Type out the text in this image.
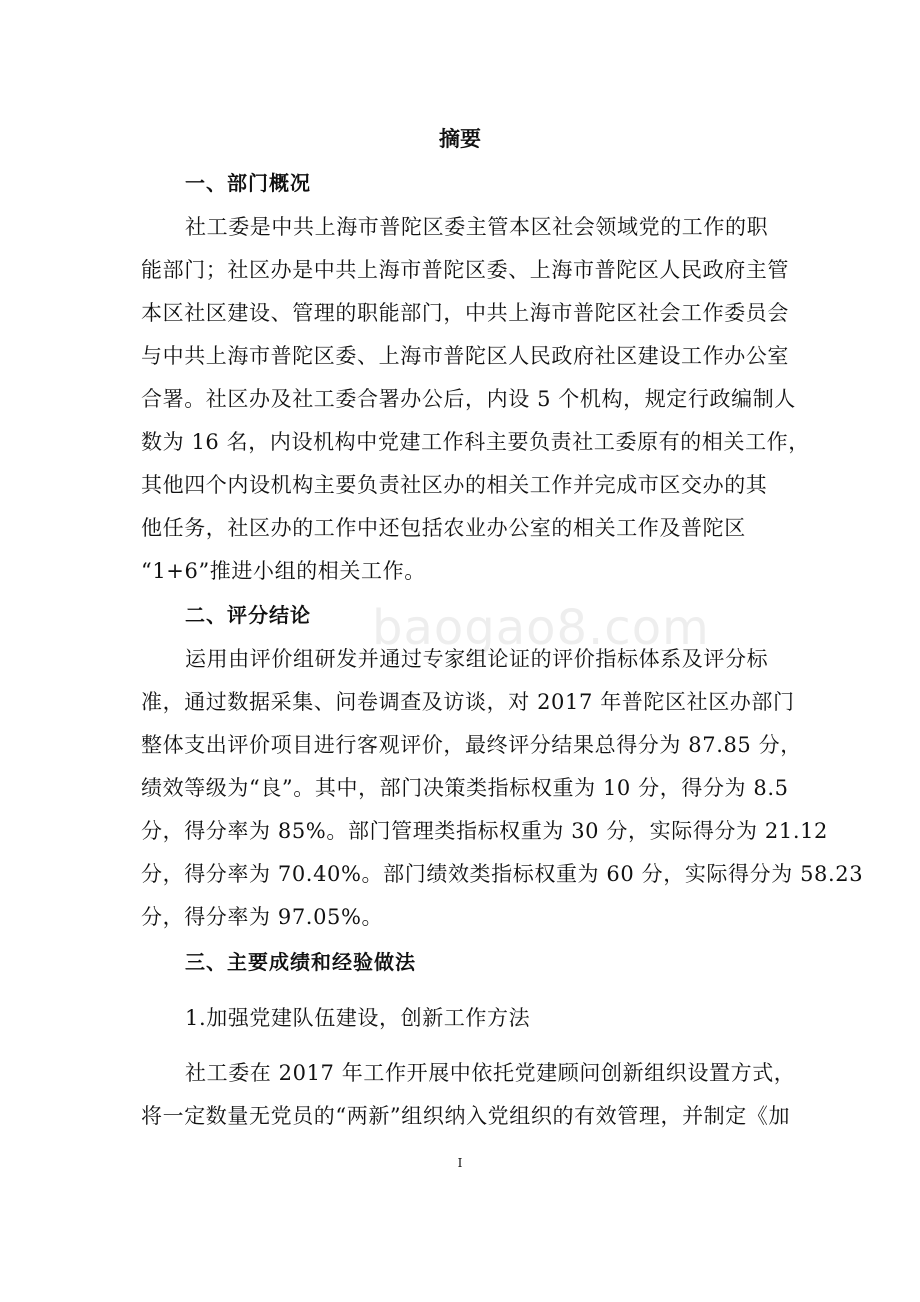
baogao8.com
摘要
一、部门概况
社工委是中共上海市普陀区委主管本区社会领域党的工作的职
能部门；社区办是中共上海市普陀区委、上海市普陀区人民政府主管
本区社区建设、管理的职能部门，中共上海市普陀区社会工作委员会
与中共上海市普陀区委、上海市普陀区人民政府社区建设工作办公室
合署。社区办及社工委合署办公后，内设 5 个机构，规定行政编制人
数为 16 名，内设机构中党建工作科主要负责社工委原有的相关工作，
其他四个内设机构主要负责社区办的相关工作并完成市区交办的其
他任务，社区办的工作中还包括农业办公室的相关工作及普陀区
“1+6”推进小组的相关工作。
二、评分结论
运用由评价组研发并通过专家组论证的评价指标体系及评分标
准，通过数据采集、问卷调查及访谈，对 2017 年普陀区社区办部门
整体支出评价项目进行客观评价，最终评分结果总得分为 87.85 分，
绩效等级为“良”。其中，部门决策类指标权重为 10 分，得分为 8.5
分，得分率为 85%。部门管理类指标权重为 30 分，实际得分为 21.12
分，得分率为 70.40%。部门绩效类指标权重为 60 分，实际得分为 58.23
分，得分率为 97.05%。
三、主要成绩和经验做法
1.加强党建队伍建设，创新工作方法
社工委在 2017 年工作开展中依托党建顾问创新组织设置方式，
将一定数量无党员的“两新”组织纳入党组织的有效管理，并制定《加
I
